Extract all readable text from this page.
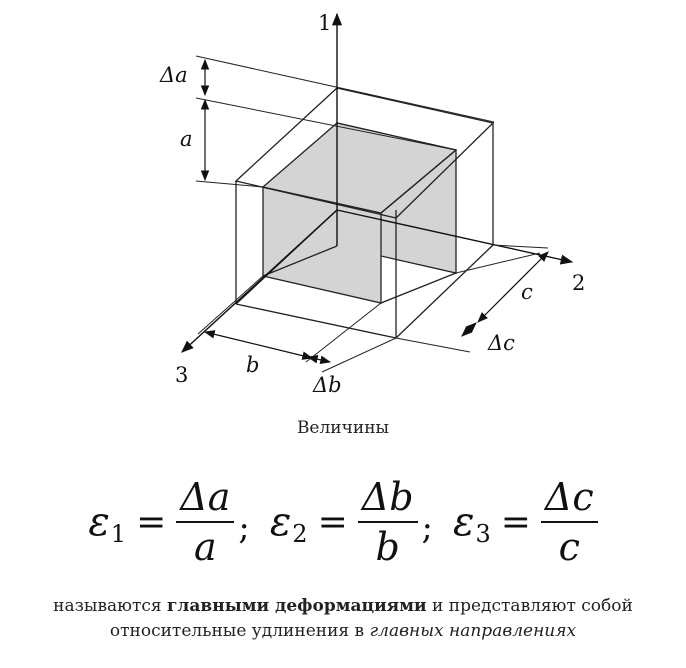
1
2
3
Δa
a
b
Δb
c
Δc
Величины
ε $1 = \frac{\Delta a}{a}$ ; ε $2 = \frac{\Delta b}{b}$ ; ε $3 = \frac{\Delta c}{c}$
называются главными деформациями и представляют собой
относительные удлинения в главных направлениях
